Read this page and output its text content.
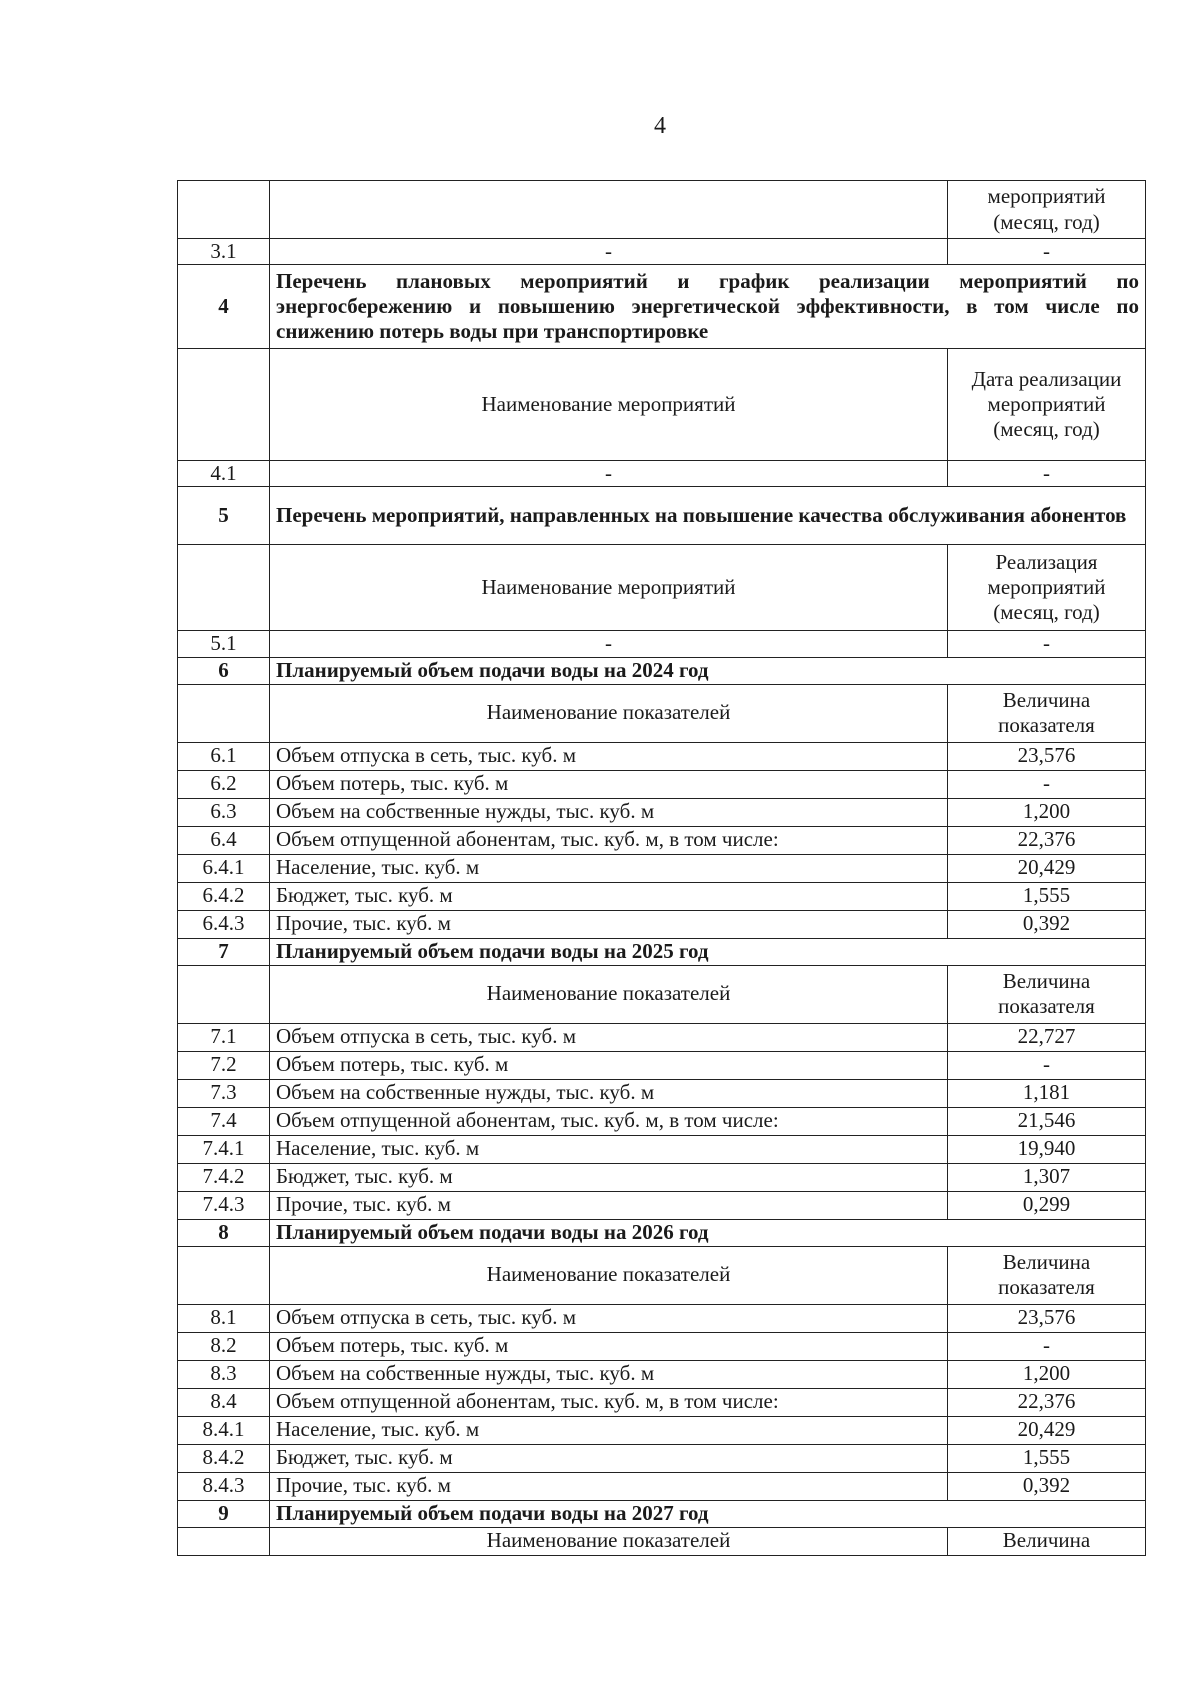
4
		мероприятий (месяц, год)
3.1	-	-
4	Перечень плановых мероприятий и график реализации мероприятий по энергосбережению и повышению энергетической эффективности, в том числе по снижению потерь воды при транспортировке	
	Наименование мероприятий	Дата реализации мероприятий (месяц, год)
4.1	-	-
5	Перечень мероприятий, направленных на повышение качества обслуживания абонентов	
	Наименование мероприятий	Реализация мероприятий (месяц, год)
5.1	-	-
6	Планируемый объем подачи воды на 2024 год	
	Наименование показателей	Величина показателя
6.1	Объем отпуска в сеть, тыс. куб. м	23,576
6.2	Объем потерь, тыс. куб. м	-
6.3	Объем на собственные нужды, тыс. куб. м	1,200
6.4	Объем отпущенной абонентам, тыс. куб. м, в том числе:	22,376
6.4.1	Население, тыс. куб. м	20,429
6.4.2	Бюджет, тыс. куб. м	1,555
6.4.3	Прочие, тыс. куб. м	0,392
7	Планируемый объем подачи воды на 2025 год	
	Наименование показателей	Величина показателя
7.1	Объем отпуска в сеть, тыс. куб. м	22,727
7.2	Объем потерь, тыс. куб. м	-
7.3	Объем на собственные нужды, тыс. куб. м	1,181
7.4	Объем отпущенной абонентам, тыс. куб. м, в том числе:	21,546
7.4.1	Население, тыс. куб. м	19,940
7.4.2	Бюджет, тыс. куб. м	1,307
7.4.3	Прочие, тыс. куб. м	0,299
8	Планируемый объем подачи воды на 2026 год	
	Наименование показателей	Величина показателя
8.1	Объем отпуска в сеть, тыс. куб. м	23,576
8.2	Объем потерь, тыс. куб. м	-
8.3	Объем на собственные нужды, тыс. куб. м	1,200
8.4	Объем отпущенной абонентам, тыс. куб. м, в том числе:	22,376
8.4.1	Население, тыс. куб. м	20,429
8.4.2	Бюджет, тыс. куб. м	1,555
8.4.3	Прочие, тыс. куб. м	0,392
9	Планируемый объем подачи воды на 2027 год	
	Наименование показателей	Величина
